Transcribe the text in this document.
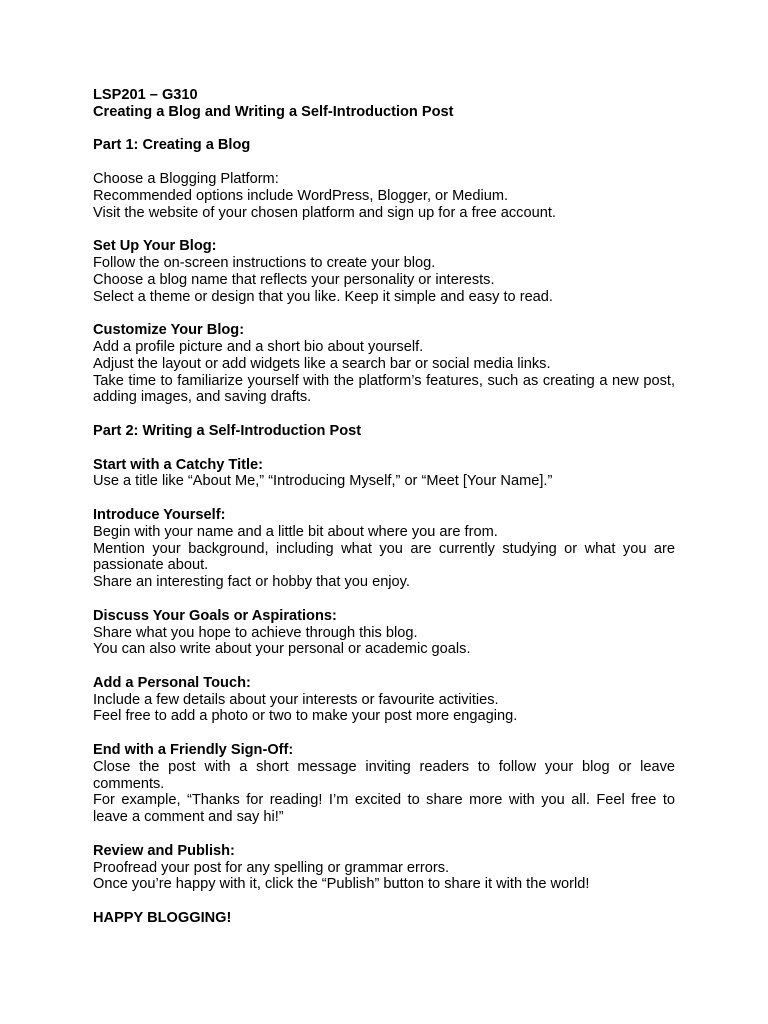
LSP201 – G310

Creating a Blog and Writing a Self-Introduction Post

Part 1: Creating a Blog

Choose a Blogging Platform:

Recommended options include WordPress, Blogger, or Medium.

Visit the website of your chosen platform and sign up for a free account.

Set Up Your Blog:

Follow the on-screen instructions to create your blog.

Choose a blog name that reflects your personality or interests.

Select a theme or design that you like. Keep it simple and easy to read.

Customize Your Blog:

Add a profile picture and a short bio about yourself.

Adjust the layout or add widgets like a search bar or social media links.

Take time to familiarize yourself with the platform’s features, such as creating a new post, adding images, and saving drafts.

Part 2: Writing a Self-Introduction Post

Start with a Catchy Title:

Use a title like “About Me,” “Introducing Myself,” or “Meet [Your Name].”

Introduce Yourself:

Begin with your name and a little bit about where you are from.

Mention your background, including what you are currently studying or what you are passionate about.

Share an interesting fact or hobby that you enjoy.

Discuss Your Goals or Aspirations:

Share what you hope to achieve through this blog.

You can also write about your personal or academic goals.

Add a Personal Touch:

Include a few details about your interests or favourite activities.

Feel free to add a photo or two to make your post more engaging.

End with a Friendly Sign-Off:

Close the post with a short message inviting readers to follow your blog or leave comments.

For example, “Thanks for reading! I’m excited to share more with you all. Feel free to leave a comment and say hi!”

Review and Publish:

Proofread your post for any spelling or grammar errors.

Once you’re happy with it, click the “Publish” button to share it with the world!

HAPPY BLOGGING!
